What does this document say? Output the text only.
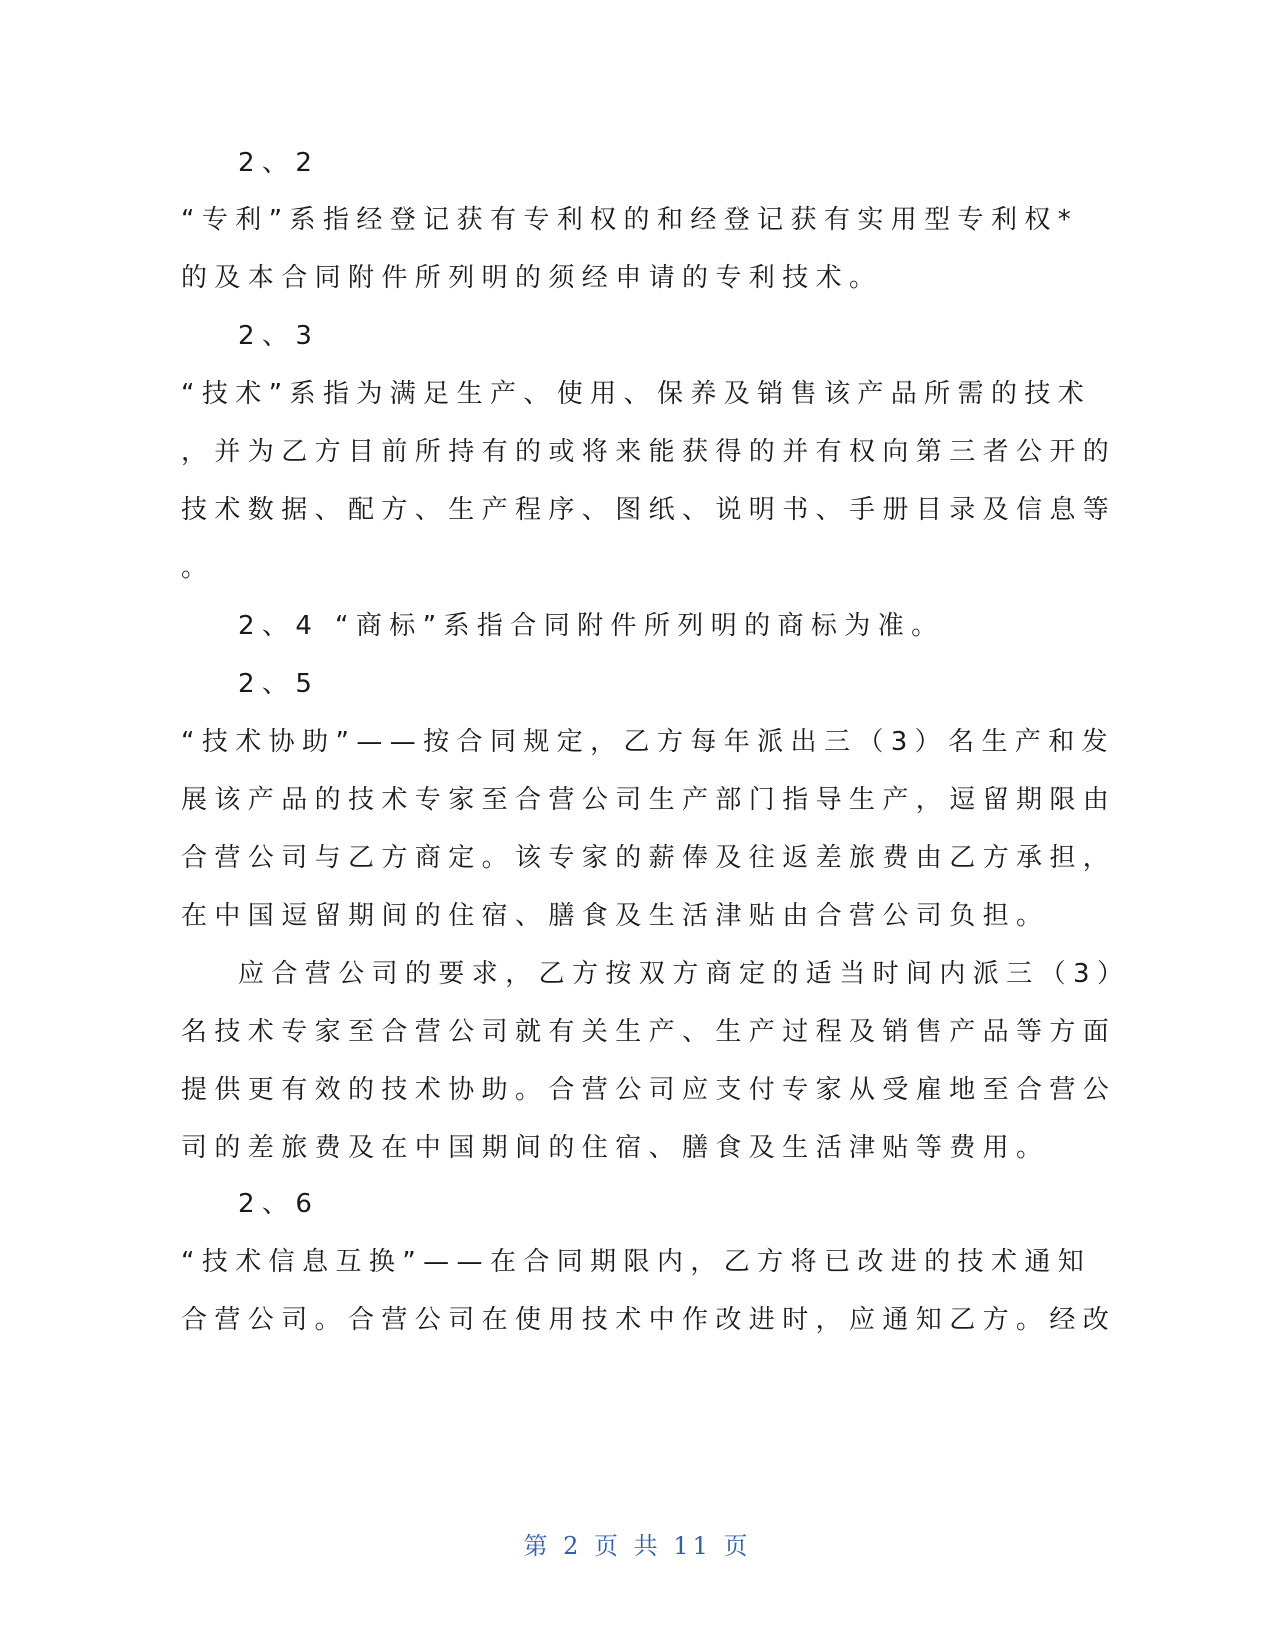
2、2
“专利”系指经登记获有专利权的和经登记获有实用型专利权*
的及本合同附件所列明的须经申请的专利技术。
2、3
“技术”系指为满足生产、使用、保养及销售该产品所需的技术
，并为乙方目前所持有的或将来能获得的并有权向第三者公开的
技术数据、配方、生产程序、图纸、说明书、手册目录及信息等
。
2、4 “商标”系指合同附件所列明的商标为准。
2、5
“技术协助”——按合同规定，乙方每年派出三（3）名生产和发
展该产品的技术专家至合营公司生产部门指导生产，逗留期限由
合营公司与乙方商定。该专家的薪俸及往返差旅费由乙方承担，
在中国逗留期间的住宿、膳食及生活津贴由合营公司负担。
应合营公司的要求，乙方按双方商定的适当时间内派三（3）
名技术专家至合营公司就有关生产、生产过程及销售产品等方面
提供更有效的技术协助。合营公司应支付专家从受雇地至合营公
司的差旅费及在中国期间的住宿、膳食及生活津贴等费用。
2、6
“技术信息互换”——在合同期限内，乙方将已改进的技术通知
合营公司。合营公司在使用技术中作改进时，应通知乙方。经改
第 2 页 共 11 页
